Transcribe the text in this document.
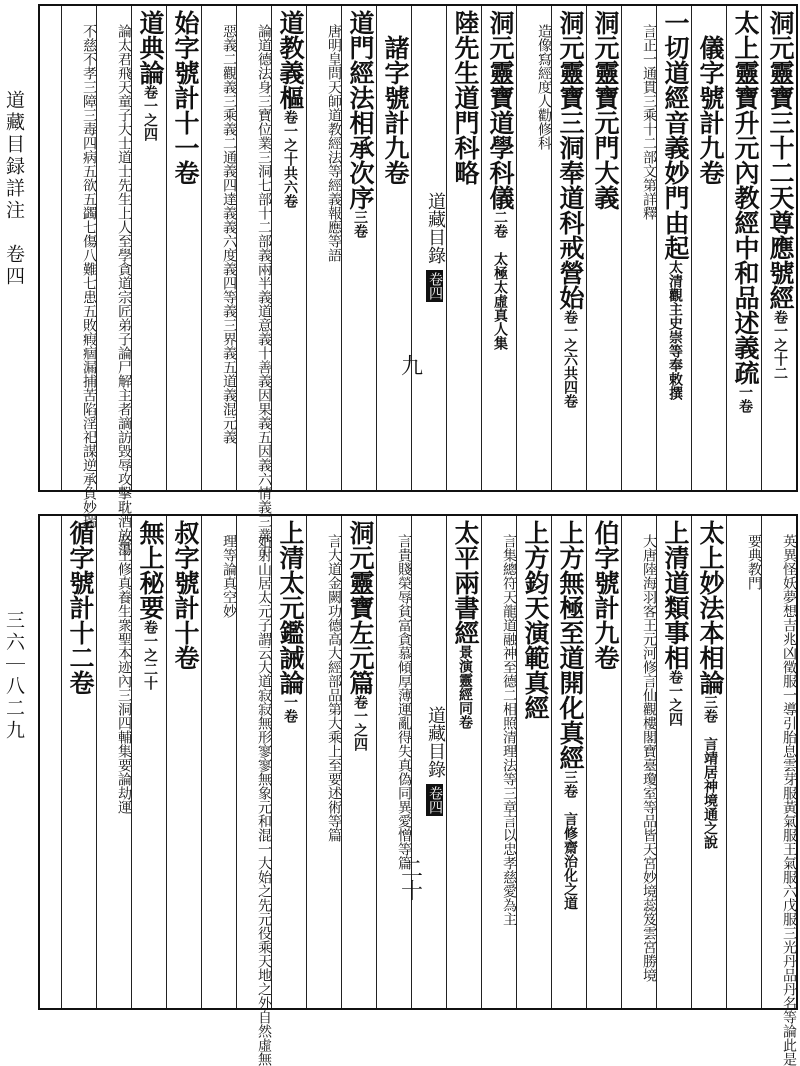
道藏目録詳注　卷四
三六｜八二九
洞元靈寶三十二天尊應號經卷一之十二
太上靈寶升元內教經中和品述義疏一卷
　儀字號計九卷
一切道經音義妙門由起太清觀主史崇等奉敕撰
　言正一通貫三乘十二部文第詳釋
洞元靈寶元門大義
洞元靈寶三洞奉道科戒營始卷一之六共四卷
　造像寫經度人勸修科
洞元靈寶道學科儀二卷　太極太虛真人集
陸先生道門科略
道藏目錄卷四
九
　諸字號計九卷
道門經法相承次序三卷
　唐明皇問天師道教經法等經義報應等語
道教義樞卷一之十共六卷
　論道德法身三寶位業三洞七部十二部義兩半義道意義十善義因果義五因義六情義三業十
　惡義二觀義三乘義二通義四達義義六度義四等義三界義五道義混元義
始字號計十一卷
道典論卷一之四
　論太君飛天童子大士道士先生上人至學貪道宗匠弟子論尸解主者謫訪毀辱攻擊耽酒放蕩
　不慈不孝三障三毒四病五欲五蠲七傷八難七患五敗瘕痼漏捕苦陷淫祀謀逆承負妙瑞
　英異怪妖夢想吉兆凶徵服一導引胎息雲芽服黃氣服王氣服六戊服三光丹品丹名等論此是
　要典教門
太上妙法本相論三卷　言靖居神境通之說
上清道類事相卷一之四
　大唐陸海羽客王元河修言仙觀樓閣寶臺瓊室等品皆天宮妙境蕊笈雲宮勝境
伯字號計九卷
上方無極至道開化真經三卷　言修齋治化之道
上方鈞天演範真經
　言集總符天龍道融神至德二相照清理法等三章言以忠孝慈愛為主
太平兩書經景演靈經同卷
道藏目錄卷四
二十
　言貴賤榮辱貧富貪慕傾厚薄運亂得失真偽同異愛憎等篇
洞元靈寶左元篇卷一之四
　言大道金闕功德高大經部品第大乘上至要述術等篇
上清太元鑑誡論一卷
　姑射山居太元子謂云大道寂寂無形寥寥無象元和混一大始之先元役乘天地之外自然虛無
　理等論真空妙
叔字號計十卷
無上秘要卷一之二十
　帝王修真養生衆聖本迹內三洞四輔集要論劫運
循字號計十二卷
